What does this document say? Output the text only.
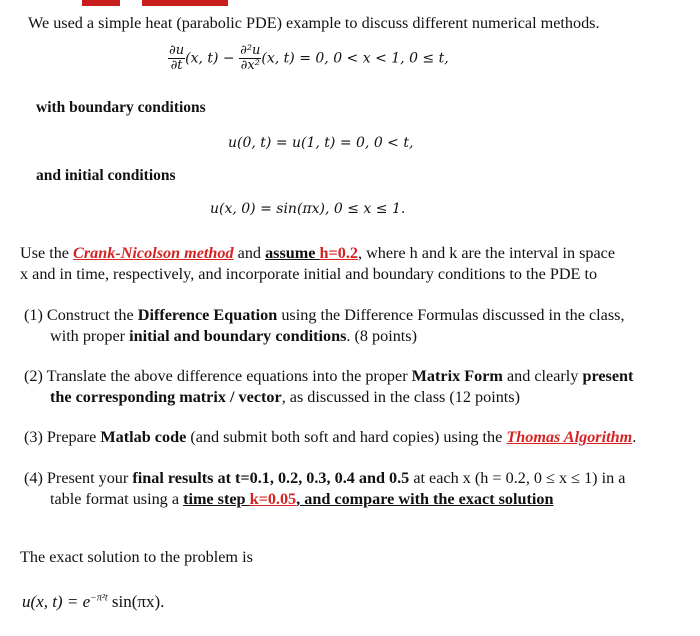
We used a simple heat (parabolic PDE) example to discuss different numerical methods.
$\frac{\partial u}{\partial t} (x$, $t) - \frac{\text{∂²u}}{\text{∂x²}} (x$, t) = 0, 0 < x < 1, 0 ≤ t,
with boundary conditions
u(0, t) = u(1, t) = 0, 0 < t,
and initial conditions
u(x, 0) = sin(πx), 0 ≤ x ≤ 1.
Use the Crank-Nicolson method and assume h=0.2, where h and k are the interval in space
x and in time, respectively, and incorporate initial and boundary conditions to the PDE to
(1) Construct the Difference Equation using the Difference Formulas discussed in the class,
with proper initial and boundary conditions. (8 points)
(2) Translate the above difference equations into the proper Matrix Form and clearly present
the corresponding matrix / vector, as discussed in the class (12 points)
(3) Prepare Matlab code (and submit both soft and hard copies) using the Thomas Algorithm.
(4) Present your final results at t=0.1, 0.2, 0.3, 0.4 and 0.5 at each x (h = 0.2, 0 ≤ x ≤ 1) in a
table format using a time step k=0.05, and compare with the exact solution
The exact solution to the problem is
u(x, $t) = e^{-\pi^2t}$ sin(πx).
